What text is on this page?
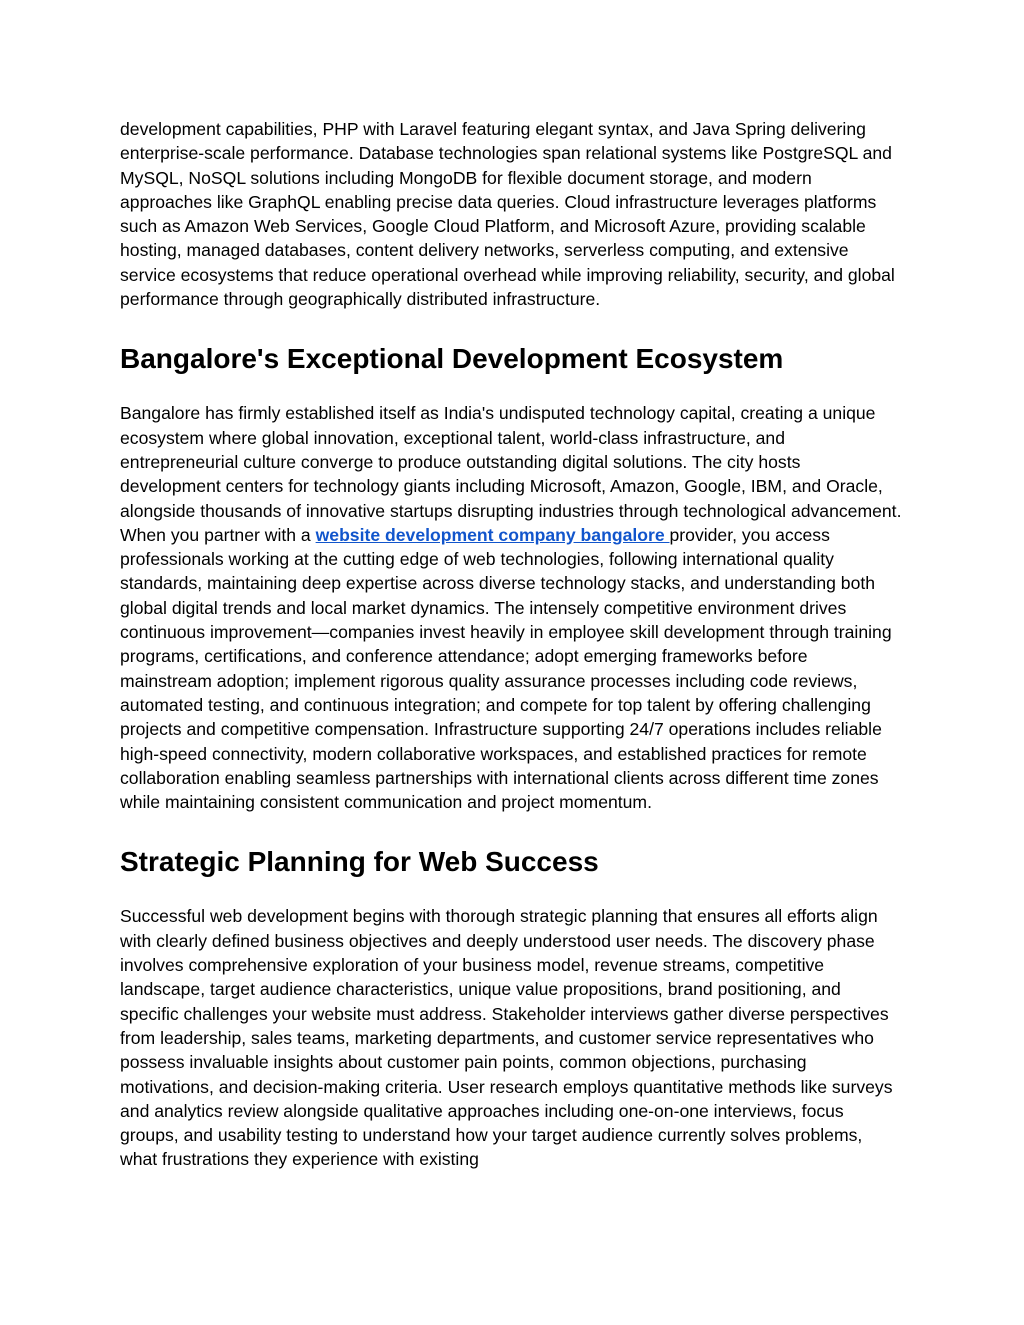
development capabilities, PHP with Laravel featuring elegant syntax, and Java Spring delivering enterprise-scale performance. Database technologies span relational systems like PostgreSQL and MySQL, NoSQL solutions including MongoDB for flexible document storage, and modern approaches like GraphQL enabling precise data queries. Cloud infrastructure leverages platforms such as Amazon Web Services, Google Cloud Platform, and Microsoft Azure, providing scalable hosting, managed databases, content delivery networks, serverless computing, and extensive service ecosystems that reduce operational overhead while improving reliability, security, and global performance through geographically distributed infrastructure.

Bangalore's Exceptional Development Ecosystem

Bangalore has firmly established itself as India's undisputed technology capital, creating a unique ecosystem where global innovation, exceptional talent, world-class infrastructure, and entrepreneurial culture converge to produce outstanding digital solutions. The city hosts development centers for technology giants including Microsoft, Amazon, Google, IBM, and Oracle, alongside thousands of innovative startups disrupting industries through technological advancement. When you partner with a website development company bangalore provider, you access professionals working at the cutting edge of web technologies, following international quality standards, maintaining deep expertise across diverse technology stacks, and understanding both global digital trends and local market dynamics. The intensely competitive environment drives continuous improvement—companies invest heavily in employee skill development through training programs, certifications, and conference attendance; adopt emerging frameworks before mainstream adoption; implement rigorous quality assurance processes including code reviews, automated testing, and continuous integration; and compete for top talent by offering challenging projects and competitive compensation. Infrastructure supporting 24/7 operations includes reliable high-speed connectivity, modern collaborative workspaces, and established practices for remote collaboration enabling seamless partnerships with international clients across different time zones while maintaining consistent communication and project momentum.

Strategic Planning for Web Success

Successful web development begins with thorough strategic planning that ensures all efforts align with clearly defined business objectives and deeply understood user needs. The discovery phase involves comprehensive exploration of your business model, revenue streams, competitive landscape, target audience characteristics, unique value propositions, brand positioning, and specific challenges your website must address. Stakeholder interviews gather diverse perspectives from leadership, sales teams, marketing departments, and customer service representatives who possess invaluable insights about customer pain points, common objections, purchasing motivations, and decision-making criteria. User research employs quantitative methods like surveys and analytics review alongside qualitative approaches including one-on-one interviews, focus groups, and usability testing to understand how your target audience currently solves problems, what frustrations they experience with existing
